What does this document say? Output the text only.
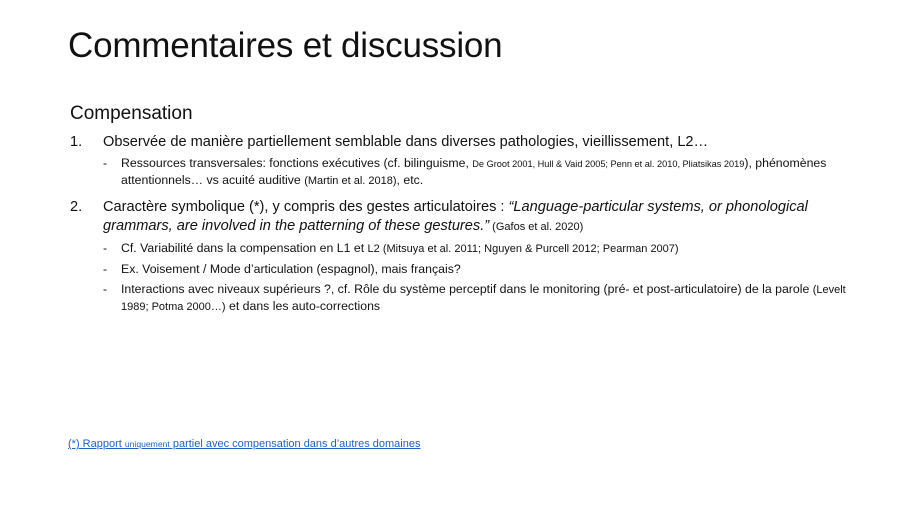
Commentaires et discussion
Compensation
1. Observée de manière partiellement semblable dans diverses pathologies, vieillissement, L2…
- Ressources transversales: fonctions exécutives (cf. bilinguisme, De Groot 2001, Hull & Vaid 2005; Penn et al. 2010, Pliatsikas 2019), phénomènes attentionnels… vs acuité auditive (Martin et al. 2018), etc.
2. Caractère symbolique (*), y compris des gestes articulatoires : “Language-particular systems, or phonological grammars, are involved in the patterning of these gestures.” (Gafos et al. 2020)
- Cf. Variabilité dans la compensation en L1 et L2 (Mitsuya et al. 2011; Nguyen & Purcell 2012; Pearman 2007)
- Ex. Voisement / Mode d’articulation (espagnol), mais français?
- Interactions avec niveaux supérieurs ?, cf. Rôle du système perceptif dans le monitoring (pré- et post-articulatoire) de la parole (Levelt 1989; Potma 2000…) et dans les auto-corrections
(*) Rapport uniquement partiel avec compensation dans d’autres domaines
